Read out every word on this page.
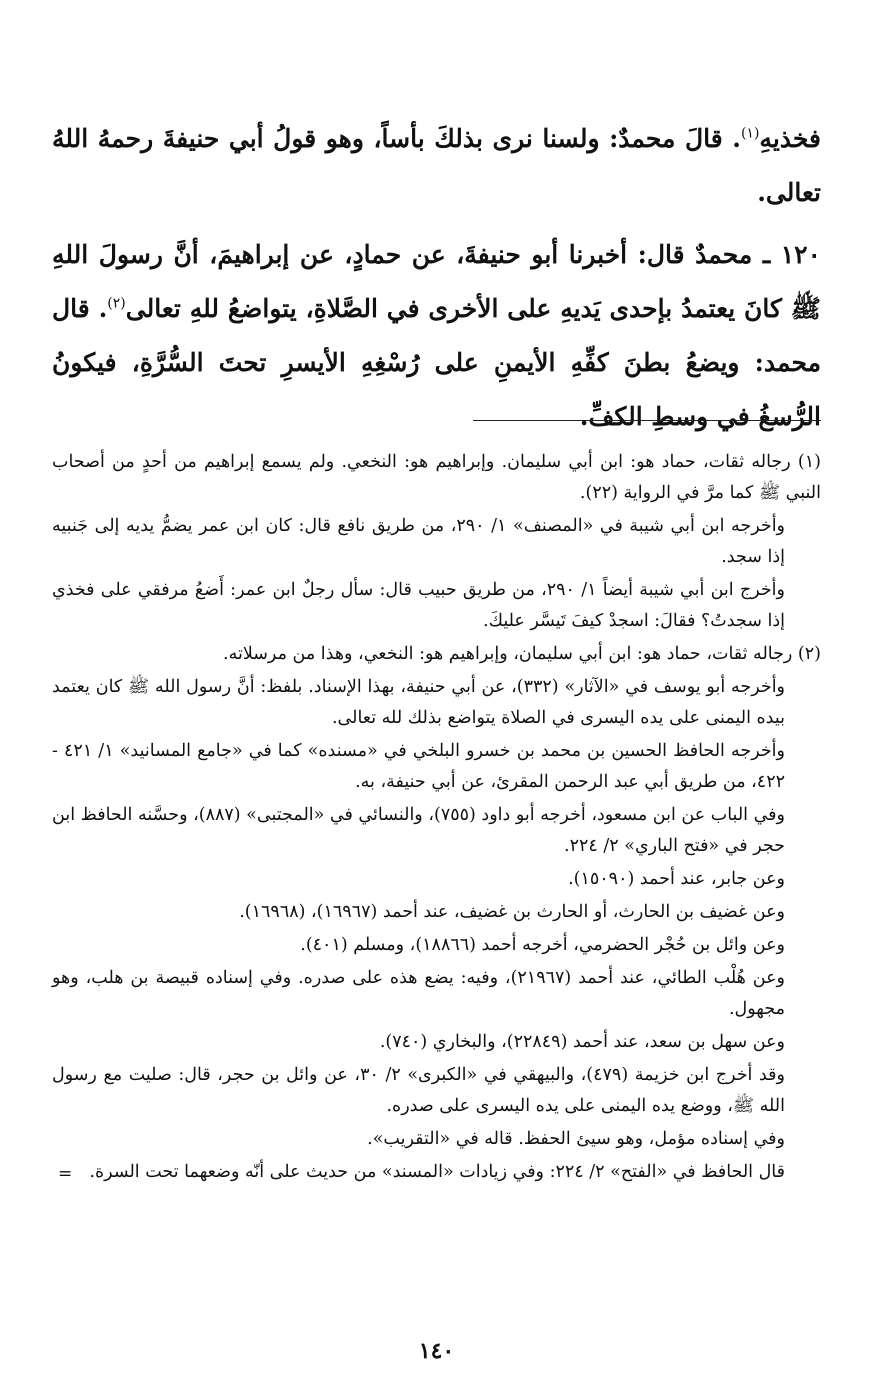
فخذيهِ$^{(١)}$. قالَ محمدٌ: ولسنا نرى بذلكَ بأساً، وهو قولُ أبي حنيفةَ رحمهُ اللهُ تعالى.

١٢٠ ـ محمدٌ قال: أخبرنا أبو حنيفةَ، عن حمادٍ، عن إبراهيمَ، أنَّ رسولَ اللهِ ﷺ كانَ يعتمدُ بإحدى يَديهِ على الأخرى في الصَّلاةِ، يتواضعُ للهِ تعالى$^{(٢)}$. قال محمد: ويضعُ بطنَ كفِّهِ الأيمنِ على رُسْغِهِ الأيسرِ تحتَ السُّرَّةِ، فيكونُ الرُّسغُ في وسطِ الكفِّ.

(١) رجاله ثقات، حماد هو: ابن أبي سليمان. وإبراهيم هو: النخعي. ولم يسمع إبراهيم من أحدٍ من أصحاب النبي ﷺ كما مرَّ في الرواية (٢٢).

وأخرجه ابن أبي شيبة في «المصنف» ١/ ٢٩٠، من طريق نافع قال: كان ابن عمر يضمُّ يديه إلى جَنبيه إذا سجد.

وأخرج ابن أبي شيبة أيضاً ١/ ٢٩٠، من طريق حبيب قال: سأل رجلٌ ابن عمر: أَضعُ مرفقي على فخذي إذا سجدتُ؟ فقالَ: اسجدْ كيفَ تَيسَّر عليكَ.

(٢) رجاله ثقات، حماد هو: ابن أبي سليمان، وإبراهيم هو: النخعي، وهذا من مرسلاته.

وأخرجه أبو يوسف في «الآثار» (٣٣٢)، عن أبي حنيفة، بهذا الإسناد. بلفظ: أنَّ رسول الله ﷺ كان يعتمد بيده اليمنى على يده اليسرى في الصلاة يتواضع بذلك لله تعالى.

وأخرجه الحافظ الحسين بن محمد بن خسرو البلخي في «مسنده» كما في «جامع المسانيد» ١/ ٤٢١ - ٤٢٢، من طريق أبي عبد الرحمن المقرئ، عن أبي حنيفة، به.

وفي الباب عن ابن مسعود، أخرجه أبو داود (٧٥٥)، والنسائي في «المجتبى» (٨٨٧)، وحسَّنه الحافظ ابن حجر في «فتح الباري» ٢/ ٢٢٤.

وعن جابر، عند أحمد (١٥٠٩٠).

وعن غضيف بن الحارث، أو الحارث بن غضيف، عند أحمد (١٦٩٦٧)، (١٦٩٦٨).

وعن وائل بن حُجْر الحضرمي، أخرجه أحمد (١٨٨٦٦)، ومسلم (٤٠١).

وعن هُلْب الطائي، عند أحمد (٢١٩٦٧)، وفيه: يضع هذه على صدره. وفي إسناده قبيصة بن هلب، وهو مجهول.

وعن سهل بن سعد، عند أحمد (٢٢٨٤٩)، والبخاري (٧٤٠).

وقد أخرج ابن خزيمة (٤٧٩)، والبيهقي في «الكبرى» ٢/ ٣٠، عن وائل بن حجر، قال: صليت مع رسول الله ﷺ، ووضع يده اليمنى على يده اليسرى على صدره.

وفي إسناده مؤمل، وهو سيئ الحفظ. قاله في «التقريب».

قال الحافظ في «الفتح» ٢/ ٢٢٤: وفي زيادات «المسند» من حديث على أنّه وضعهما تحت السرة.
=

١٤٠
